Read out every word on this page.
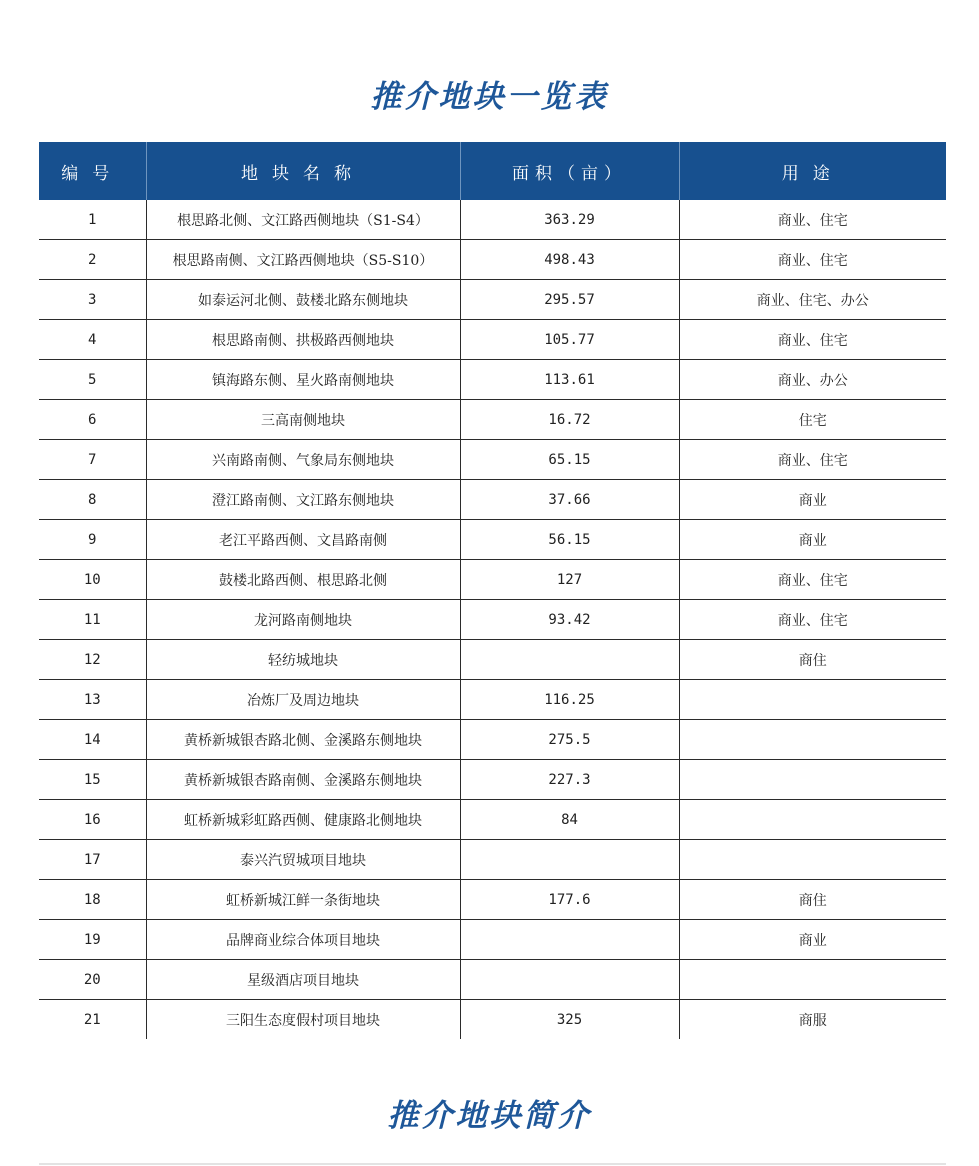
推介地块一览表
编号	地块名称	面积（亩）	用途
1	根思路北侧、文江路西侧地块（S1-S4）	363.29	商业、住宅
2	根思路南侧、文江路西侧地块（S5-S10）	498.43	商业、住宅
3	如泰运河北侧、鼓楼北路东侧地块	295.57	商业、住宅、办公
4	根思路南侧、拱极路西侧地块	105.77	商业、住宅
5	镇海路东侧、星火路南侧地块	113.61	商业、办公
6	三高南侧地块	16.72	住宅
7	兴南路南侧、气象局东侧地块	65.15	商业、住宅
8	澄江路南侧、文江路东侧地块	37.66	商业
9	老江平路西侧、文昌路南侧	56.15	商业
10	鼓楼北路西侧、根思路北侧	127	商业、住宅
11	龙河路南侧地块	93.42	商业、住宅
12	轻纺城地块		商住
13	冶炼厂及周边地块	116.25	
14	黄桥新城银杏路北侧、金溪路东侧地块	275.5	
15	黄桥新城银杏路南侧、金溪路东侧地块	227.3	
16	虹桥新城彩虹路西侧、健康路北侧地块	84	
17	泰兴汽贸城项目地块		
18	虹桥新城江鲜一条街地块	177.6	商住
19	品牌商业综合体项目地块		商业
20	星级酒店项目地块		
21	三阳生态度假村项目地块	325	商服
推介地块简介
